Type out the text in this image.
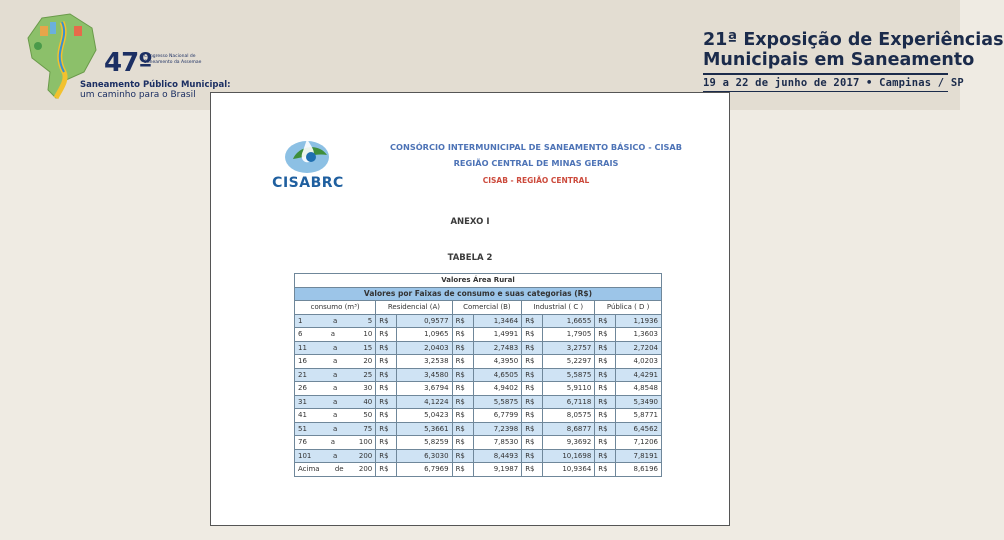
47º
Congresso Nacional de
Saneamento da Assemae
Saneamento Público Municipal:
um caminho para o Brasil
21ª Exposição de Experiências
Municipais em Saneamento
19 a 22 de junho de 2017 • Campinas / SP
CISABRC
CONSÓRCIO INTERMUNICIPAL DE SANEAMENTO BÁSICO - CISAB
REGIÃO CENTRAL DE MINAS GERAIS
CISAB - REGIÃO CENTRAL
ANEXO I
TABELA 2
Valores Área Rural								
Valores por Faixas de consumo e suas categorias (R$)								
consumo (m³)	Residencial (A)		Comercial (B)		Industrial ( C )		Pública ( D )	

1 a 5	R$	0,9577	R$	1,3464	R$	1,6655	R$	1,1936

6 a 10	R$	1,0965	R$	1,4991	R$	1,7905	R$	1,3603

11 a 15	R$	2,0403	R$	2,7483	R$	3,2757	R$	2,7204

16 a 20	R$	3,2538	R$	4,3950	R$	5,2297	R$	4,0203

21 a 25	R$	3,4580	R$	4,6505	R$	5,5875	R$	4,4291

26 a 30	R$	3,6794	R$	4,9402	R$	5,9110	R$	4,8548

31 a 40	R$	4,1224	R$	5,5875	R$	6,7118	R$	5,3490

41 a 50	R$	5,0423	R$	6,7799	R$	8,0575	R$	5,8771

51 a 75	R$	5,3661	R$	7,2398	R$	8,6877	R$	6,4562

76 a 100	R$	5,8259	R$	7,8530	R$	9,3692	R$	7,1206

101 a 200	R$	6,3030	R$	8,4493	R$	10,1698	R$	7,8191

Acima de 200	R$	6,7969	R$	9,1987	R$	10,9364	R$	8,6196
